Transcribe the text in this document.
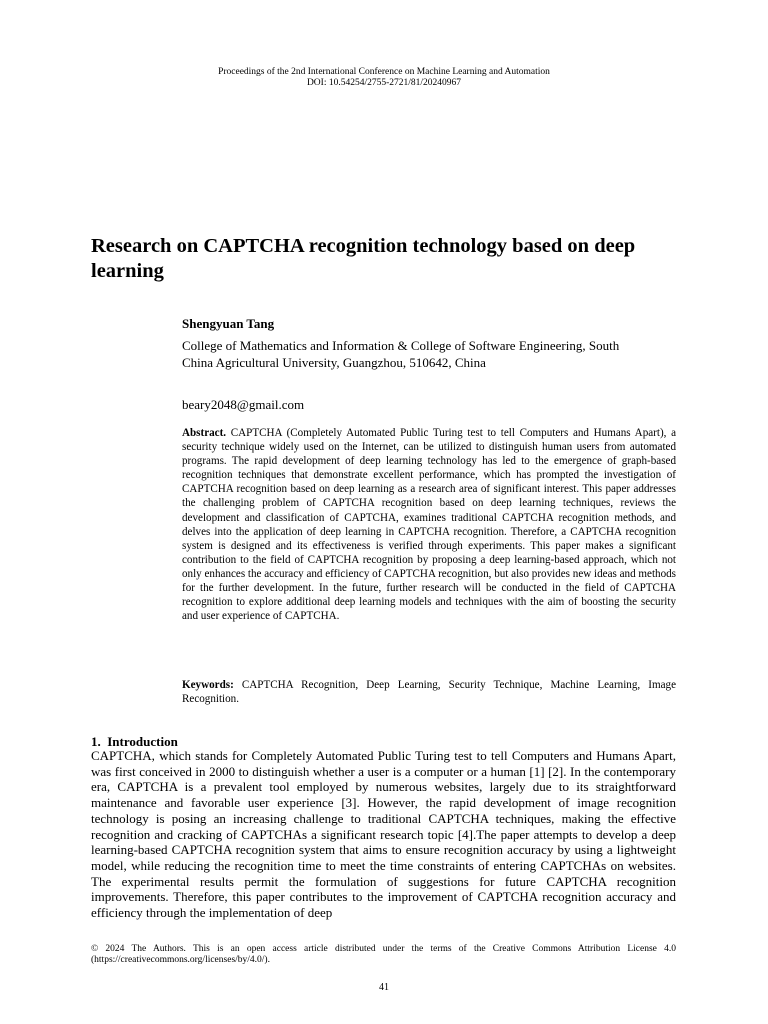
Proceedings of the 2nd International Conference on Machine Learning and Automation
DOI: 10.54254/2755-2721/81/20240967
Research on CAPTCHA recognition technology based on deep learning
Shengyuan Tang
College of Mathematics and Information & College of Software Engineering, South
China Agricultural University, Guangzhou, 510642, China
beary2048@gmail.com

Abstract. CAPTCHA (Completely Automated Public Turing test to tell Computers and Humans Apart), a security technique widely used on the Internet, can be utilized to distinguish human users from automated programs. The rapid development of deep learning technology has led to the emergence of graph-based recognition techniques that demonstrate excellent performance, which has prompted the investigation of CAPTCHA recognition based on deep learning as a research area of significant interest. This paper addresses the challenging problem of CAPTCHA recognition based on deep learning techniques, reviews the development and classification of CAPTCHA, examines traditional CAPTCHA recognition methods, and delves into the application of deep learning in CAPTCHA recognition. Therefore, a CAPTCHA recognition system is designed and its effectiveness is verified through experiments. This paper makes a significant contribution to the field of CAPTCHA recognition by proposing a deep learning-based approach, which not only enhances the accuracy and efficiency of CAPTCHA recognition, but also provides new ideas and methods for the further development. In the future, further research will be conducted in the field of CAPTCHA recognition to explore additional deep learning models and techniques with the aim of boosting the security and user experience of CAPTCHA.

Keywords: CAPTCHA Recognition, Deep Learning, Security Technique, Machine Learning, Image Recognition.

1.  Introduction

CAPTCHA, which stands for Completely Automated Public Turing test to tell Computers and Humans Apart, was first conceived in 2000 to distinguish whether a user is a computer or a human [1] [2]. In the contemporary era, CAPTCHA is a prevalent tool employed by numerous websites, largely due to its straightforward maintenance and favorable user experience [3]. However, the rapid development of image recognition technology is posing an increasing challenge to traditional CAPTCHA techniques, making the effective recognition and cracking of CAPTCHAs a significant research topic [4].The paper attempts to develop a deep learning-based CAPTCHA recognition system that aims to ensure recognition accuracy by using a lightweight model, while reducing the recognition time to meet the time constraints of entering CAPTCHAs on websites. The experimental results permit the formulation of suggestions for future CAPTCHA recognition improvements. Therefore, this paper contributes to the improvement of CAPTCHA recognition accuracy and efficiency through the implementation of deep

© 2024 The Authors. This is an open access article distributed under the terms of the Creative Commons Attribution License 4.0 (https://creativecommons.org/licenses/by/4.0/).

41
